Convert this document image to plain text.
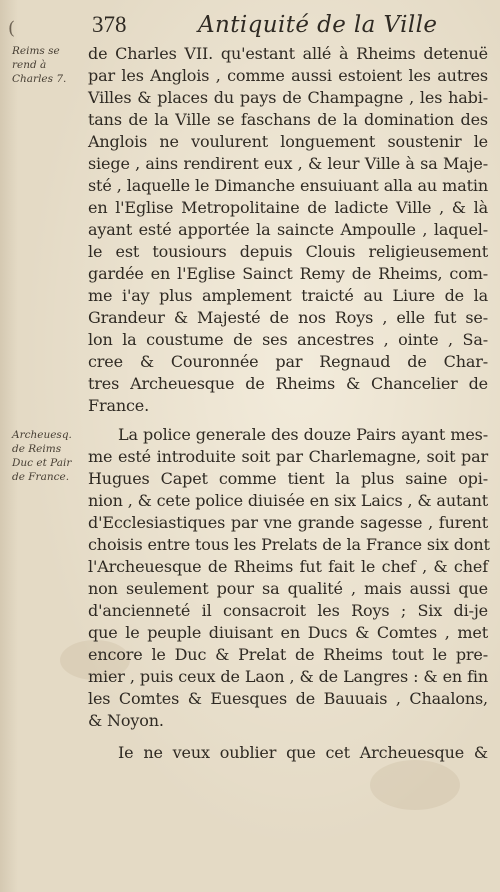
(	378	Antiquité de la Ville
Reims se
rend à
Charles 7.
Archeuesq.
de Reims
Duc et Pair
de France.
de Charles VII. qu'estant allé à Rheims detenuë
par les Anglois , comme aussi estoient les autres
Villes & places du pays de Champagne , les habi-
tans de la Ville se faschans de la domination des
Anglois ne voulurent longuement soustenir le
siege , ains rendirent eux , & leur Ville à sa Maje-
sté , laquelle le Dimanche ensuiuant alla au matin
en l'Eglise Metropolitaine de ladicte Ville , & là
ayant esté apportée la saincte Ampoulle , laquel-
le est tousiours depuis Clouis religieusement
gardée en l'Eglise Sainct Remy de Rheims, com-
me i'ay plus amplement traicté au Liure de la
Grandeur & Majesté de nos Roys , elle fut se-
lon la coustume de ses ancestres , ointe , Sa-
cree & Couronnée par Regnaud de Char-
tres Archeuesque de Rheims & Chancelier de
France.
La police generale des douze Pairs ayant mes-
me esté introduite soit par Charlemagne, soit par
Hugues Capet comme tient la plus saine opi-
nion , & cete police diuisée en six Laics , & autant
d'Ecclesiastiques par vne grande sagesse , furent
choisis entre tous les Prelats de la France six dont
l'Archeuesque de Rheims fut fait le chef , & chef
non seulement pour sa qualité , mais aussi que
d'ancienneté il consacroit les Roys ; Six di-je
que le peuple diuisant en Ducs & Comtes , met
encore le Duc & Prelat de Rheims tout le pre-
mier , puis ceux de Laon , & de Langres : & en fin
les Comtes & Euesques de Bauuais , Chaalons,
& Noyon.
Ie ne veux oublier que cet Archeuesque &
